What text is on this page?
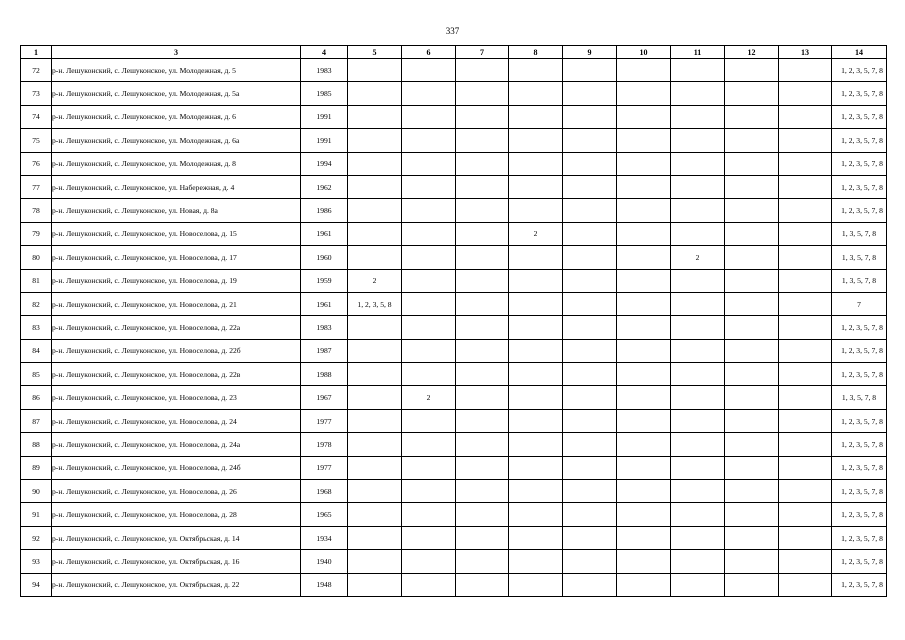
337
1	3	4	5	6	7	8	9	10	11	12	13	14
72	р-н. Лешуконский, с. Лешуконское, ул. Молодежная, д. 5	1983										1, 2, 3, 5, 7, 8
73	р-н. Лешуконский, с. Лешуконское, ул. Молодежная, д. 5а	1985										1, 2, 3, 5, 7, 8
74	р-н. Лешуконский, с. Лешуконское, ул. Молодежная, д. 6	1991										1, 2, 3, 5, 7, 8
75	р-н. Лешуконский, с. Лешуконское, ул. Молодежная, д. 6а	1991										1, 2, 3, 5, 7, 8
76	р-н. Лешуконский, с. Лешуконское, ул. Молодежная, д. 8	1994										1, 2, 3, 5, 7, 8
77	р-н. Лешуконский, с. Лешуконское, ул. Набережная, д. 4	1962										1, 2, 3, 5, 7, 8
78	р-н. Лешуконский, с. Лешуконское, ул. Новая, д. 8а	1986										1, 2, 3, 5, 7, 8
79	р-н. Лешуконский, с. Лешуконское, ул. Новоселова, д. 15	1961				2						1, 3, 5, 7, 8
80	р-н. Лешуконский, с. Лешуконское, ул. Новоселова, д. 17	1960							2			1, 3, 5, 7, 8
81	р-н. Лешуконский, с. Лешуконское, ул. Новоселова, д. 19	1959	2									1, 3, 5, 7, 8
82	р-н. Лешуконский, с. Лешуконское, ул. Новоселова, д. 21	1961	1, 2, 3, 5, 8									7
83	р-н. Лешуконский, с. Лешуконское, ул. Новоселова, д. 22а	1983										1, 2, 3, 5, 7, 8
84	р-н. Лешуконский, с. Лешуконское, ул. Новоселова, д. 22б	1987										1, 2, 3, 5, 7, 8
85	р-н. Лешуконский, с. Лешуконское, ул. Новоселова, д. 22в	1988										1, 2, 3, 5, 7, 8
86	р-н. Лешуконский, с. Лешуконское, ул. Новоселова, д. 23	1967		2								1, 3, 5, 7, 8
87	р-н. Лешуконский, с. Лешуконское, ул. Новоселова, д. 24	1977										1, 2, 3, 5, 7, 8
88	р-н. Лешуконский, с. Лешуконское, ул. Новоселова, д. 24а	1978										1, 2, 3, 5, 7, 8
89	р-н. Лешуконский, с. Лешуконское, ул. Новоселова, д. 24б	1977										1, 2, 3, 5, 7, 8
90	р-н. Лешуконский, с. Лешуконское, ул. Новоселова, д. 26	1968										1, 2, 3, 5, 7, 8
91	р-н. Лешуконский, с. Лешуконское, ул. Новоселова, д. 28	1965										1, 2, 3, 5, 7, 8
92	р-н. Лешуконский, с. Лешуконское, ул. Октябрьская, д. 14	1934										1, 2, 3, 5, 7, 8
93	р-н. Лешуконский, с. Лешуконское, ул. Октябрьская, д. 16	1940										1, 2, 3, 5, 7, 8
94	р-н. Лешуконский, с. Лешуконское, ул. Октябрьская, д. 22	1948										1, 2, 3, 5, 7, 8
